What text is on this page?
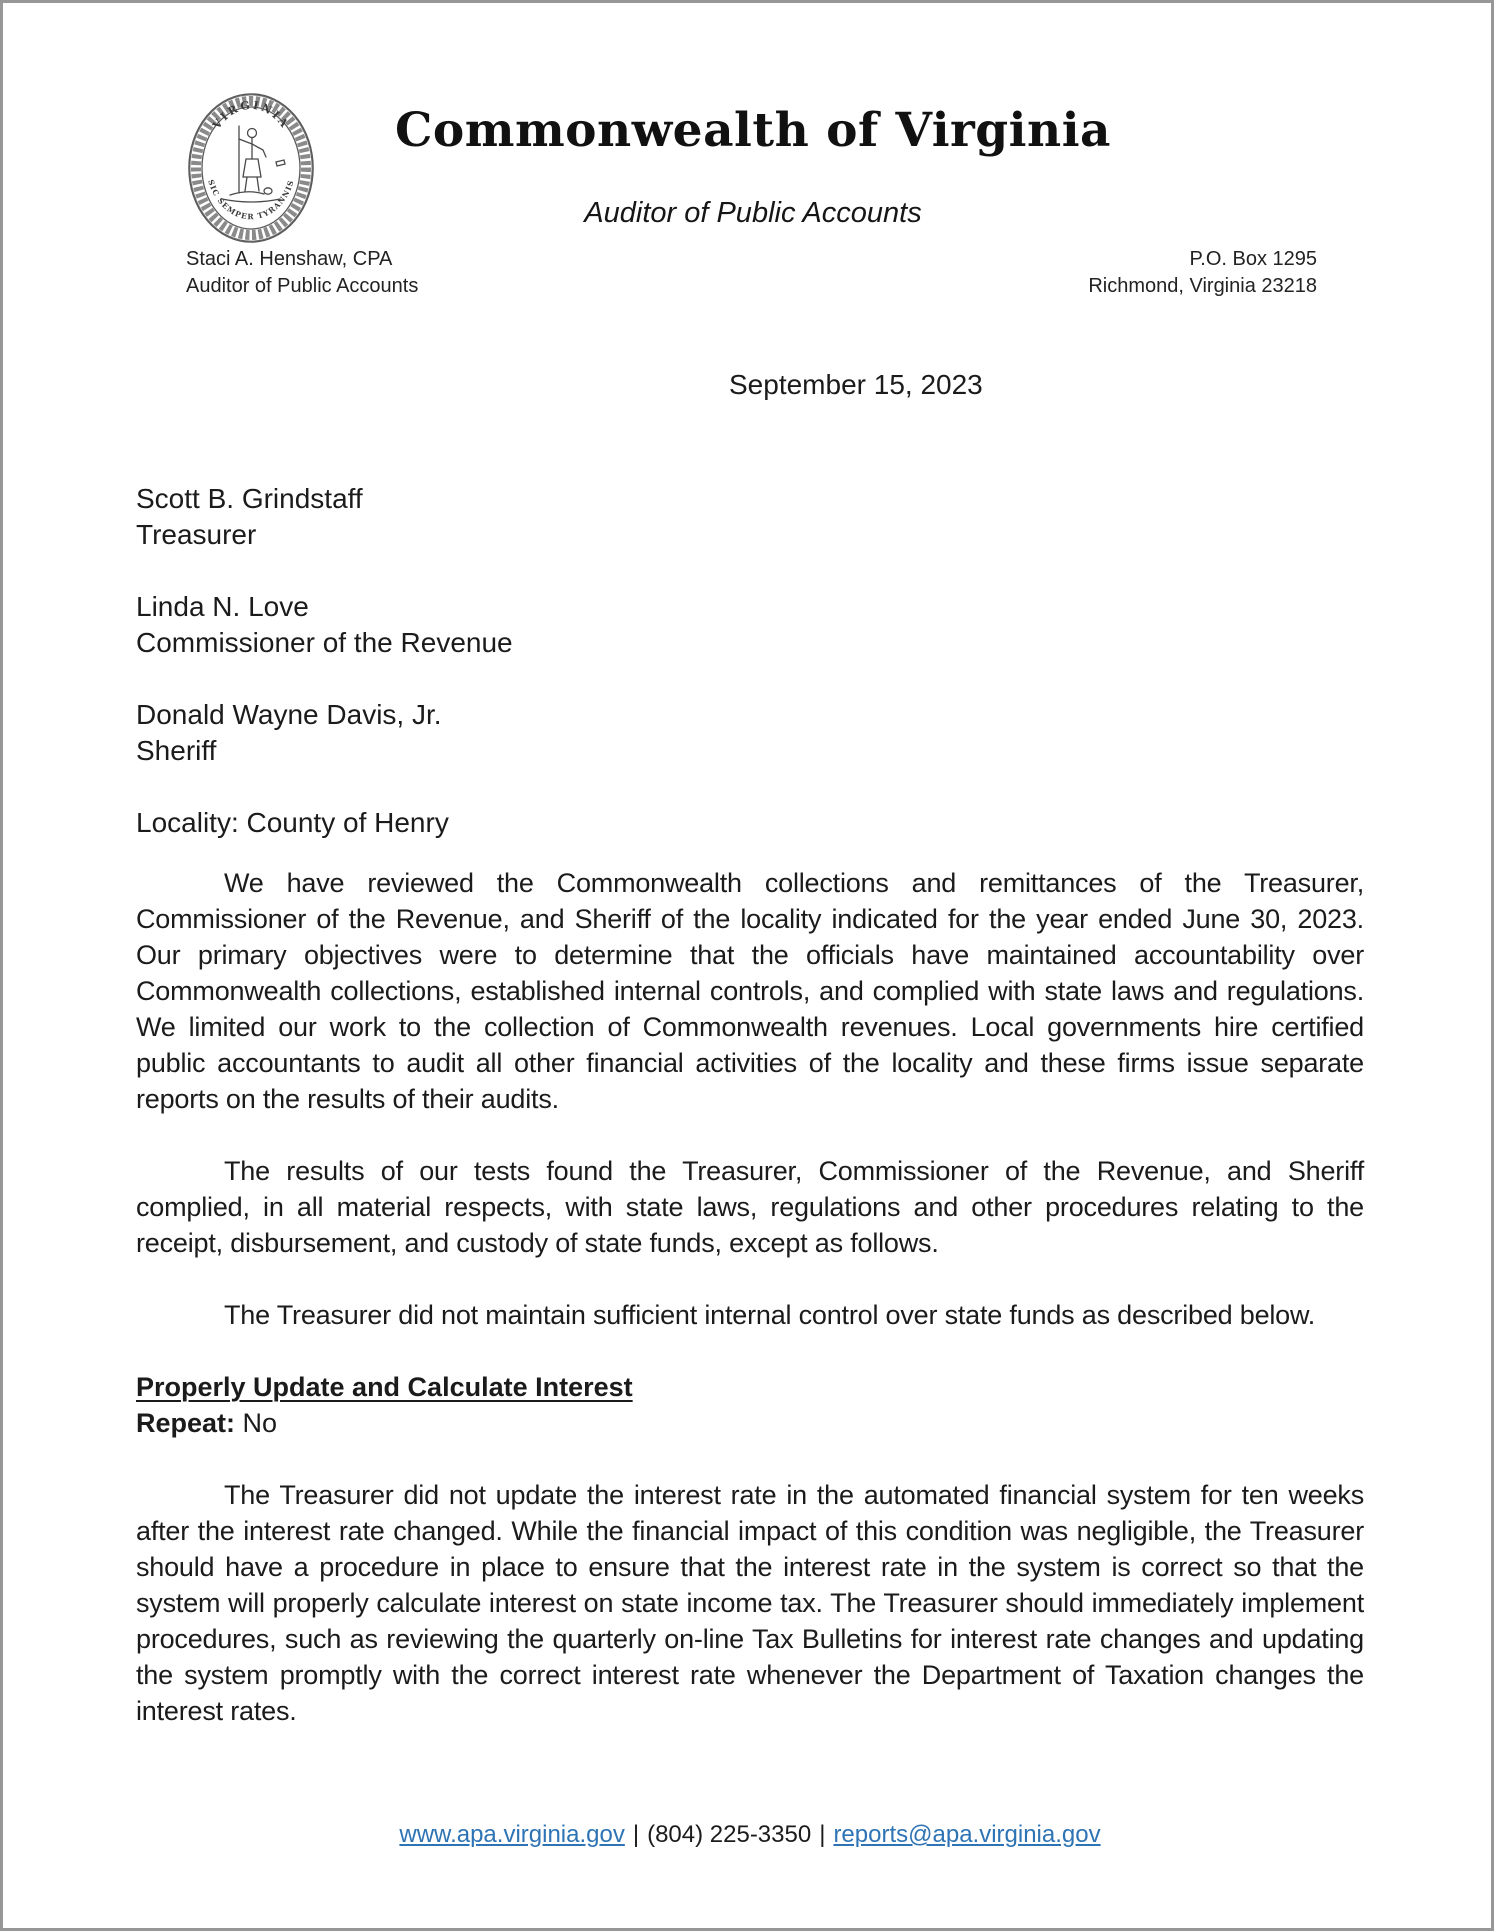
VIRGINIA
SIC SEMPER TYRANNIS
Commonwealth of Virginia
Auditor of Public Accounts
Staci A. Henshaw, CPA
Auditor of Public Accounts
P.O. Box 1295
Richmond, Virginia 23218
September 15, 2023
Scott B. Grindstaff
Treasurer
Linda N. Love
Commissioner of the Revenue
Donald Wayne Davis, Jr.
Sheriff
Locality: County of Henry
We have reviewed the Commonwealth collections and remittances of the Treasurer, Commissioner of the Revenue, and Sheriff of the locality indicated for the year ended June 30, 2023. Our primary objectives were to determine that the officials have maintained accountability over Commonwealth collections, established internal controls, and complied with state laws and regulations. We limited our work to the collection of Commonwealth revenues. Local governments hire certified public accountants to audit all other financial activities of the locality and these firms issue separate reports on the results of their audits.
The results of our tests found the Treasurer, Commissioner of the Revenue, and Sheriff complied, in all material respects, with state laws, regulations and other procedures relating to the receipt, disbursement, and custody of state funds, except as follows.
The Treasurer did not maintain sufficient internal control over state funds as described below.
Properly Update and Calculate Interest
Repeat: No
The Treasurer did not update the interest rate in the automated financial system for ten weeks after the interest rate changed. While the financial impact of this condition was negligible, the Treasurer should have a procedure in place to ensure that the interest rate in the system is correct so that the system will properly calculate interest on state income tax. The Treasurer should immediately implement procedures, such as reviewing the quarterly on-line Tax Bulletins for interest rate changes and updating the system promptly with the correct interest rate whenever the Department of Taxation changes the interest rates.
www.apa.virginia.gov | (804) 225-3350 | reports@apa.virginia.gov
